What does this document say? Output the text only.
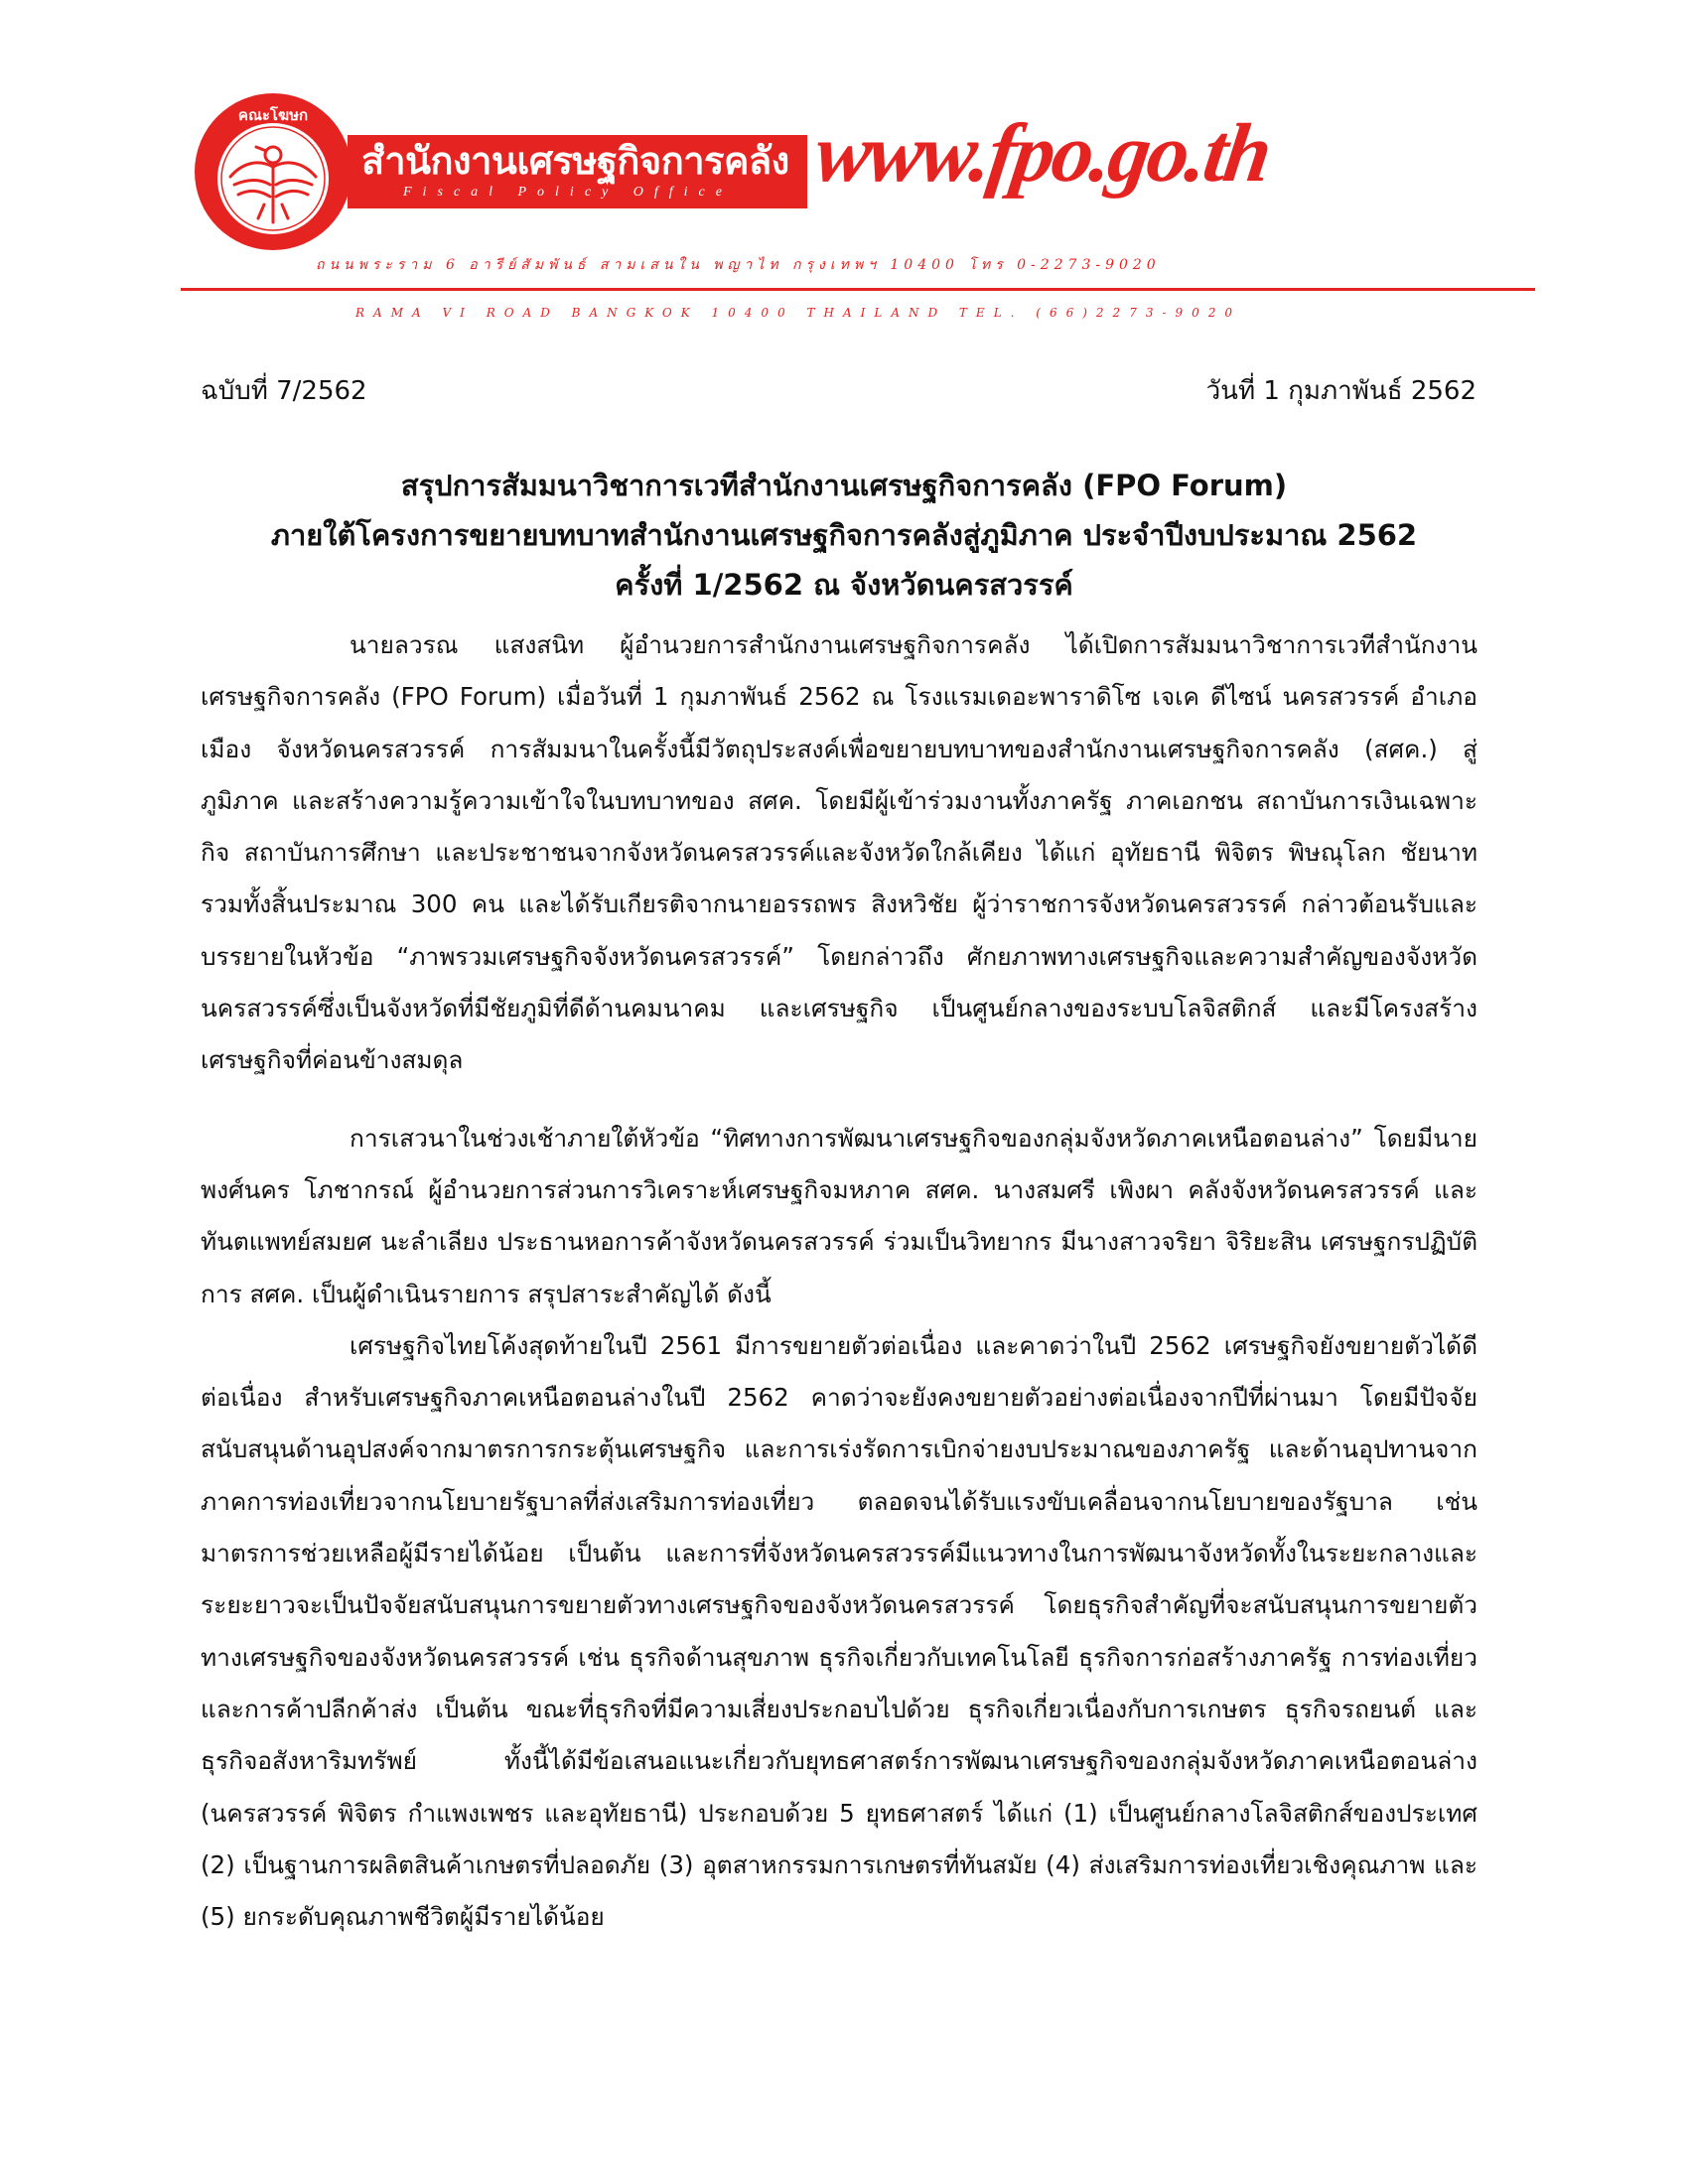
คณะโฆษก
สำนักงานเศรษฐกิจการคลัง
Fiscal Policy Office www.fpo.go.th
ถนนพระราม 6 อารีย์สัมพันธ์ สามเสนใน พญาไท กรุงเทพฯ 10400 โทร 0-2273-9020
RAMA VI ROAD BANGKOK 10400 THAILAND TEL. (66)2273-9020
ฉบับที่ 7/2562	วันที่ 1 กุมภาพันธ์ 2562
สรุปการสัมมนาวิชาการเวทีสำนักงานเศรษฐกิจการคลัง (FPO Forum)
ภายใต้โครงการขยายบทบาทสำนักงานเศรษฐกิจการคลังสู่ภูมิภาค ประจำปีงบประมาณ 2562
ครั้งที่ 1/2562 ณ จังหวัดนครสวรรค์

นายลวรณ แสงสนิท ผู้อำนวยการสำนักงานเศรษฐกิจการคลัง ได้เปิดการสัมมนาวิชาการเวทีสำนักงานเศรษฐกิจการคลัง (FPO Forum) เมื่อวันที่ 1 กุมภาพันธ์ 2562 ณ โรงแรมเดอะพาราดิโซ เจเค ดีไซน์ นครสวรรค์ อำเภอเมือง จังหวัดนครสวรรค์ การสัมมนาในครั้งนี้มีวัตถุประสงค์เพื่อขยายบทบาทของสำนักงานเศรษฐกิจการคลัง (สศค.) สู่ภูมิภาค และสร้างความรู้ความเข้าใจในบทบาทของ สศค. โดยมีผู้เข้าร่วมงานทั้งภาครัฐ ภาคเอกชน สถาบันการเงินเฉพาะกิจ สถาบันการศึกษา และประชาชนจากจังหวัดนครสวรรค์และจังหวัดใกล้เคียง ได้แก่ อุทัยธานี พิจิตร พิษณุโลก ชัยนาท รวมทั้งสิ้นประมาณ 300 คน และได้รับเกียรติจากนายอรรถพร สิงหวิชัย ผู้ว่าราชการจังหวัดนครสวรรค์ กล่าวต้อนรับและบรรยายในหัวข้อ “ภาพรวมเศรษฐกิจจังหวัดนครสวรรค์” โดยกล่าวถึง ศักยภาพทางเศรษฐกิจและความสำคัญของจังหวัดนครสวรรค์ซึ่งเป็นจังหวัดที่มีชัยภูมิที่ดีด้านคมนาคม และเศรษฐกิจ เป็นศูนย์กลางของระบบโลจิสติกส์ และมีโครงสร้างเศรษฐกิจที่ค่อนข้างสมดุล

การเสวนาในช่วงเช้าภายใต้หัวข้อ “ทิศทางการพัฒนาเศรษฐกิจของกลุ่มจังหวัดภาคเหนือตอนล่าง” โดยมีนายพงศ์นคร โภชากรณ์ ผู้อำนวยการส่วนการวิเคราะห์เศรษฐกิจมหภาค สศค. นางสมศรี เพิงผา คลังจังหวัดนครสวรรค์ และทันตแพทย์สมยศ นะลำเลียง ประธานหอการค้าจังหวัดนครสวรรค์ ร่วมเป็นวิทยากร มีนางสาวจริยา จิริยะสิน เศรษฐกรปฏิบัติการ สศค. เป็นผู้ดำเนินรายการ สรุปสาระสำคัญได้ ดังนี้

เศรษฐกิจไทยโค้งสุดท้ายในปี 2561 มีการขยายตัวต่อเนื่อง และคาดว่าในปี 2562 เศรษฐกิจยังขยายตัวได้ดีต่อเนื่อง สำหรับเศรษฐกิจภาคเหนือตอนล่างในปี 2562 คาดว่าจะยังคงขยายตัวอย่างต่อเนื่องจากปีที่ผ่านมา โดยมีปัจจัยสนับสนุนด้านอุปสงค์จากมาตรการกระตุ้นเศรษฐกิจ และการเร่งรัดการเบิกจ่ายงบประมาณของภาครัฐ และด้านอุปทานจากภาคการท่องเที่ยวจากนโยบายรัฐบาลที่ส่งเสริมการท่องเที่ยว ตลอดจนได้รับแรงขับเคลื่อนจากนโยบายของรัฐบาล เช่น มาตรการช่วยเหลือผู้มีรายได้น้อย เป็นต้น และการที่จังหวัดนครสวรรค์มีแนวทางในการพัฒนาจังหวัดทั้งในระยะกลางและระยะยาวจะเป็นปัจจัยสนับสนุนการขยายตัวทางเศรษฐกิจของจังหวัดนครสวรรค์ โดยธุรกิจสำคัญที่จะสนับสนุนการขยายตัวทางเศรษฐกิจของจังหวัดนครสวรรค์ เช่น ธุรกิจด้านสุขภาพ ธุรกิจเกี่ยวกับเทคโนโลยี ธุรกิจการก่อสร้างภาครัฐ การท่องเที่ยว และการค้าปลีกค้าส่ง เป็นต้น ขณะที่ธุรกิจที่มีความเสี่ยงประกอบไปด้วย ธุรกิจเกี่ยวเนื่องกับการเกษตร ธุรกิจรถยนต์ และธุรกิจอสังหาริมทรัพย์ ทั้งนี้ได้มีข้อเสนอแนะเกี่ยวกับยุทธศาสตร์การพัฒนาเศรษฐกิจของกลุ่มจังหวัดภาคเหนือตอนล่าง (นครสวรรค์ พิจิตร กำแพงเพชร และอุทัยธานี) ประกอบด้วย 5 ยุทธศาสตร์ ได้แก่ (1) เป็นศูนย์กลางโลจิสติกส์ของประเทศ (2) เป็นฐานการผลิตสินค้าเกษตรที่ปลอดภัย (3) อุตสาหกรรมการเกษตรที่ทันสมัย (4) ส่งเสริมการท่องเที่ยวเชิงคุณภาพ และ (5) ยกระดับคุณภาพชีวิตผู้มีรายได้น้อย
